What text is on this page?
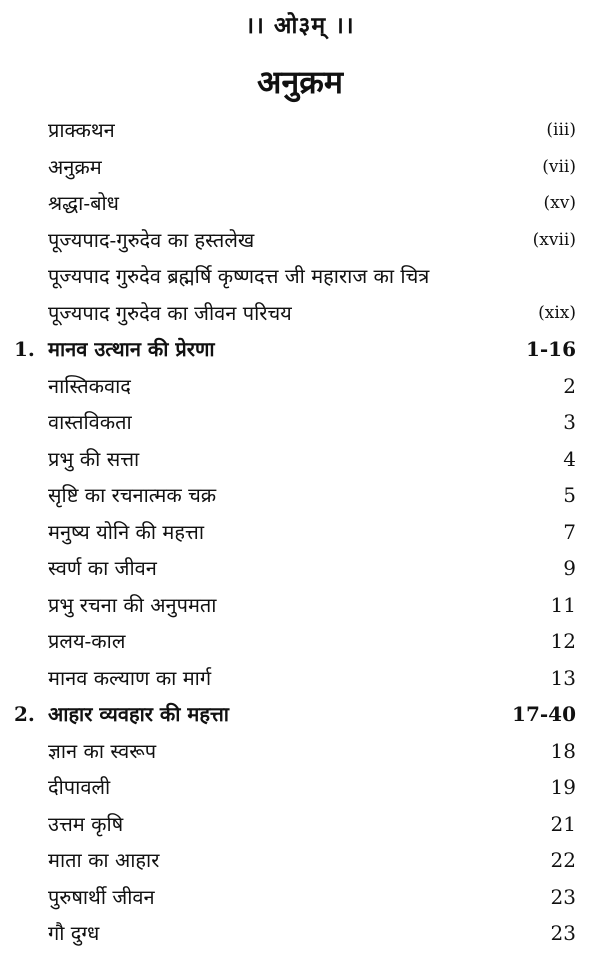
।। ओ३म् ।।
अनुक्रम
प्राक्कथन	(iii)
अनुक्रम	(vii)
श्रद्धा-बोध	(xv)
पूज्यपाद-गुरुदेव का हस्तलेख	(xvii)
पूज्यपाद गुरुदेव ब्रह्मर्षि कृष्णदत्त जी महाराज का चित्र
पूज्यपाद गुरुदेव का जीवन परिचय	(xix)
1. मानव उत्थान की प्रेरणा	1-16
नास्तिकवाद	2
वास्तविकता	3
प्रभु की सत्ता	4
सृष्टि का रचनात्मक चक्र	5
मनुष्य योनि की महत्ता	7
स्वर्ण का जीवन	9
प्रभु रचना की अनुपमता	11
प्रलय-काल	12
मानव कल्याण का मार्ग	13
2. आहार व्यवहार की महत्ता	17-40
ज्ञान का स्वरूप	18
दीपावली	19
उत्तम कृषि	21
माता का आहार	22
पुरुषार्थी जीवन	23
गौ दुग्ध	23
